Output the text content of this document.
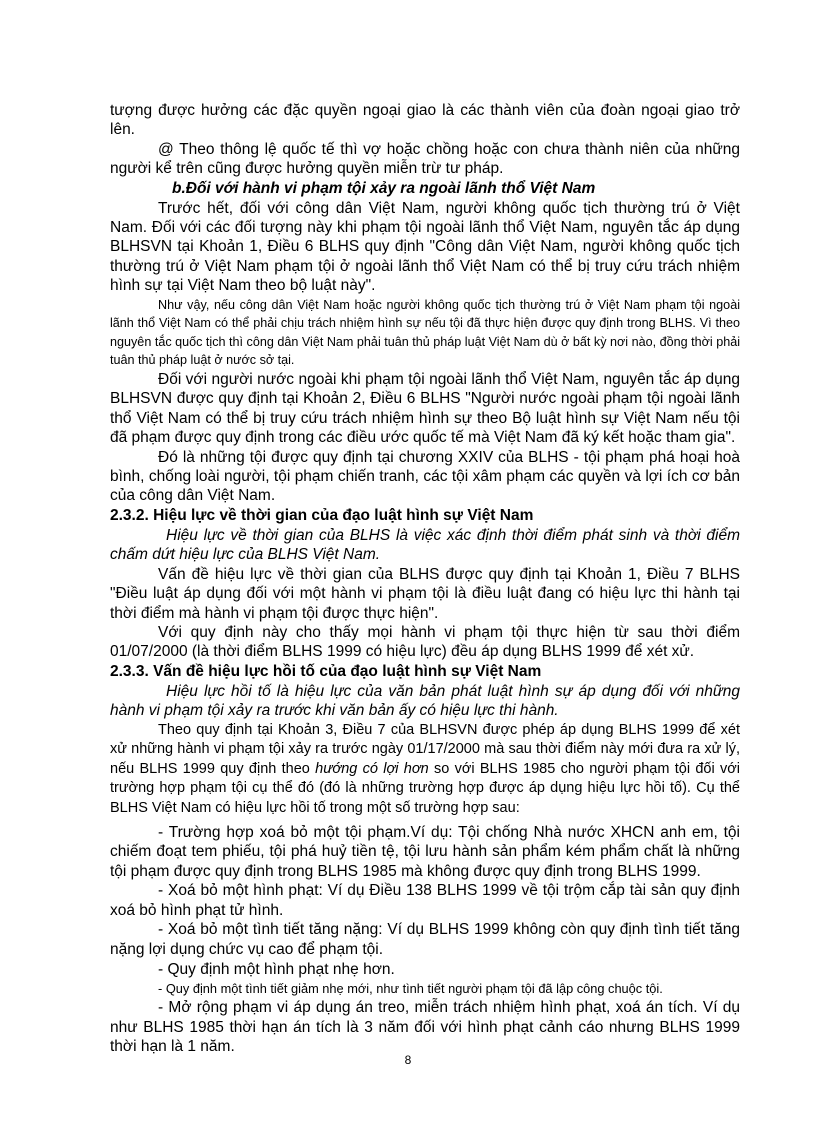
tượng được hưởng các đặc quyền ngoại giao là các thành viên của đoàn ngoại giao trở lên.

@ Theo thông lệ quốc tế thì vợ hoặc chồng hoặc con chưa thành niên của những người kể trên cũng được hưởng quyền miễn trừ tư pháp.

b.Đối với hành vi phạm tội xảy ra ngoài lãnh thổ Việt Nam

Trước hết, đối với công dân Việt Nam, người không quốc tịch thường trú ở Việt Nam. Đối với các đối tượng này khi phạm tội ngoài lãnh thổ Việt Nam, nguyên tắc áp dụng BLHSVN tại Khoản 1, Điều 6 BLHS quy định "Công dân Việt Nam, người không quốc tịch thường trú ở Việt Nam phạm tội ở ngoài lãnh thổ Việt Nam có thể bị truy cứu trách nhiệm hình sự tại Việt Nam theo bộ luật này".

Như vậy, nếu công dân Việt Nam hoặc người không quốc tịch thường trú ở Việt Nam phạm tội ngoài lãnh thổ Việt Nam có thể phải chịu trách nhiệm hình sự nếu tội đã thực hiện được quy định trong BLHS. Vì theo nguyên tắc quốc tịch thì công dân Việt Nam phải tuân thủ pháp luật Việt Nam dù ở bất kỳ nơi nào, đồng thời phải tuân thủ pháp luật ở nước sở tại.

Đối với người nước ngoài khi phạm tội ngoài lãnh thổ Việt Nam, nguyên tắc áp dụng BLHSVN được quy định tại Khoản 2, Điều 6 BLHS "Người nước ngoài phạm tội ngoài lãnh thổ Việt Nam có thể bị truy cứu trách nhiệm hình sự theo Bộ luật hình sự Việt Nam nếu tội đã phạm được quy định trong các điều ước quốc tế mà Việt Nam đã ký kết hoặc tham gia".

Đó là những tội được quy định tại chương XXIV của BLHS - tội phạm phá hoại hoà bình, chống loài người, tội phạm chiến tranh, các tội xâm phạm các quyền và lợi ích cơ bản của công dân Việt Nam.

2.3.2. Hiệu lực về thời gian của đạo luật hình sự Việt Nam

Hiệu lực về thời gian của BLHS là việc xác định thời điểm phát sinh và thời điểm chấm dứt hiệu lực của BLHS Việt Nam.

Vấn đề hiệu lực về thời gian của BLHS được quy định tại Khoản 1, Điều 7 BLHS "Điều luật áp dụng đối với một hành vi phạm tội là điều luật đang có hiệu lực thi hành tại thời điểm mà hành vi phạm tội được thực hiện".

Với quy định này cho thấy mọi hành vi phạm tội thực hiện từ sau thời điểm 01/07/2000 (là thời điểm BLHS 1999 có hiệu lực) đều áp dụng BLHS 1999 để xét xử.

2.3.3. Vấn đề hiệu lực hồi tố của đạo luật hình sự Việt Nam

Hiệu lực hồi tố là hiệu lực của văn bản phát luật hình sự áp dụng đối với những hành vi phạm tội xảy ra trước khi văn bản ấy có hiệu lực thi hành.

Theo quy định tại Khoản 3, Điều 7 của BLHSVN được phép áp dụng BLHS 1999 để xét xử những hành vi phạm tội xảy ra trước ngày 01/17/2000 mà sau thời điểm này mới đưa ra xử lý, nếu BLHS 1999 quy định theo hướng có lợi hơn so với BLHS 1985 cho người phạm tội đối với trường hợp phạm tội cụ thể đó (đó là những trường hợp được áp dụng hiệu lực hồi tố). Cụ thể BLHS Việt Nam có hiệu lực hồi tố trong một số trường hợp sau:

- Trường hợp xoá bỏ một tội phạm.Ví dụ: Tội chống Nhà nước XHCN anh em, tội chiếm đoạt tem phiếu, tội phá huỷ tiền tệ, tội lưu hành sản phẩm kém phẩm chất là những tội phạm được quy định trong BLHS 1985 mà không được quy định trong BLHS 1999.

- Xoá bỏ một hình phạt: Ví dụ Điều 138 BLHS 1999 về tội trộm cắp tài sản quy định xoá bỏ hình phạt tử hình.

- Xoá bỏ một tình tiết tăng nặng: Ví dụ BLHS 1999 không còn quy định tình tiết tăng nặng lợi dụng chức vụ cao để phạm tội.

- Quy định một hình phạt nhẹ hơn.

- Quy định một tình tiết giảm nhẹ mới, như tình tiết người phạm tội đã lập công chuộc tội.

- Mở rộng phạm vi áp dụng án treo, miễn trách nhiệm hình phạt, xoá án tích. Ví dụ như BLHS 1985 thời hạn án tích là 3 năm đối với hình phạt cảnh cáo nhưng BLHS 1999 thời hạn là 1 năm.

8
